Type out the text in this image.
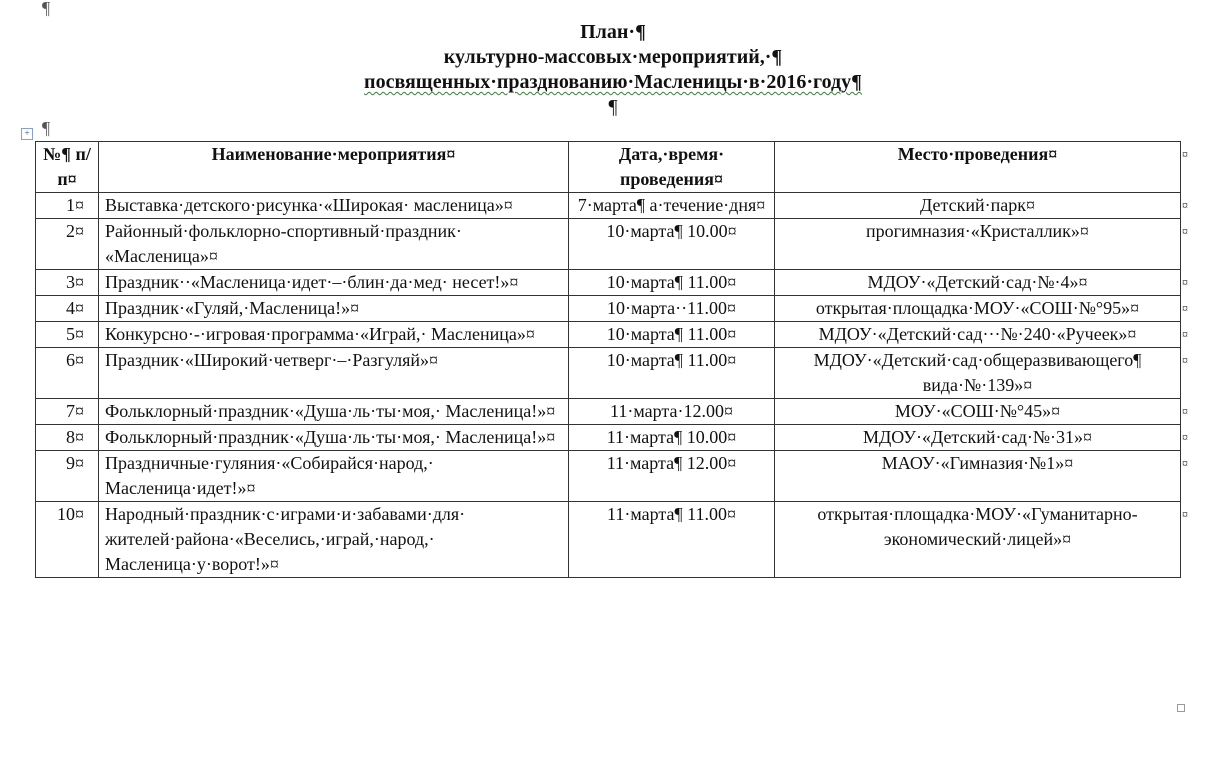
¶
План·¶
культурно-массовых·мероприятий,·¶
посвященных·празднованию·Масленицы·в·2016·году¶
¶
+ ¶
№¶ п/п¤	Наименование·мероприятия¤	Дата,·время· проведения¤	Место·проведения¤
1¤	Выставка·детского·рисунка·«Широкая· масленица»¤	7·марта¶ а·течение·дня¤	Детский·парк¤
2¤	Районный·фольклорно-спортивный·праздник· «Масленица»¤	10·марта¶ 10.00¤	прогимназия·«Кристаллик»¤
3¤	Праздник··«Масленица·идет·–·блин·да·мед· несет!»¤	10·марта¶ 11.00¤	МДОУ·«Детский·сад·№·4»¤
4¤	Праздник·«Гуляй,·Масленица!»¤	10·марта··11.00¤	открытая·площадка·МОУ·«СОШ·№°95»¤
5¤	Конкурсно·-·игровая·программа·«Играй,· Масленица»¤	10·марта¶ 11.00¤	МДОУ·«Детский·сад···№·240·«Ручеек»¤
6¤	Праздник·«Широкий·четверг·–·Разгуляй»¤	10·марта¶ 11.00¤	МДОУ·«Детский·сад·общеразвивающего¶ вида·№·139»¤
7¤	Фольклорный·праздник·«Душа·ль·ты·моя,· Масленица!»¤	11·марта·12.00¤	МОУ·«СОШ·№°45»¤
8¤	Фольклорный·праздник·«Душа·ль·ты·моя,· Масленица!»¤	11·марта¶ 10.00¤	МДОУ·«Детский·сад·№·31»¤
9¤	Праздничные·гуляния·«Собирайся·народ,· Масленица·идет!»¤	11·марта¶ 12.00¤	МАОУ·«Гимназия·№1»¤
10¤	Народный·праздник·с·играми·и·забавами·для· жителей·района·«Веселись,·играй,·народ,· Масленица·у·ворот!»¤	11·марта¶ 11.00¤	открытая·площадка·МОУ·«Гуманитарно- экономический·лицей»¤
¤
¤
¤
¤
¤
¤
¤
¤
¤
¤
¤
